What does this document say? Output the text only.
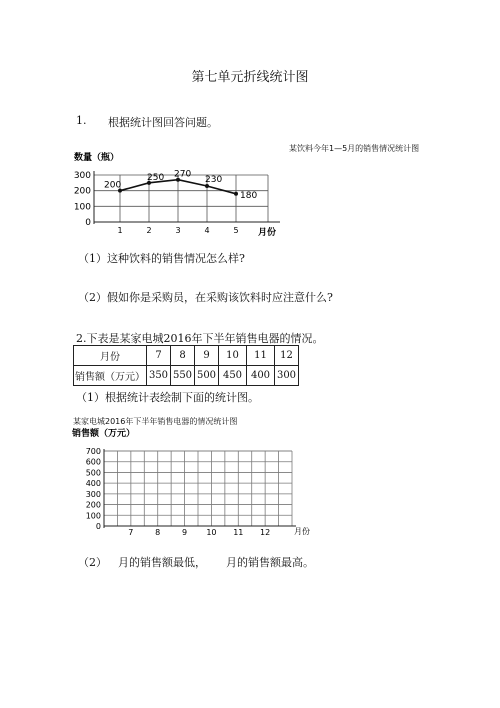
第七单元折线统计图
1. 根据统计图回答问题。
某饮料今年1—5月的销售情况统计图
数量（瓶）
月份
0
100
200
300
1	2	3	4	5
200
250 270
230
180
（1）这种饮料的销售情况怎么样?
（2）假如你是采购员，在采购该饮料时应注意什么?
2.下表是某家电城2016年下半年销售电器的情况。
月份	7	8	9	10	11	12
销售额（万元）	350	550	500	450	400	300
（1）根据统计表绘制下面的统计图。
某家电城2016年下半年销售电器的情况统计图
销售额（万元）
月份
0
100
200
300
400
500
600
700
7	8	9 10 11 12
（2） 月的销售额最低， 月的销售额最高。
